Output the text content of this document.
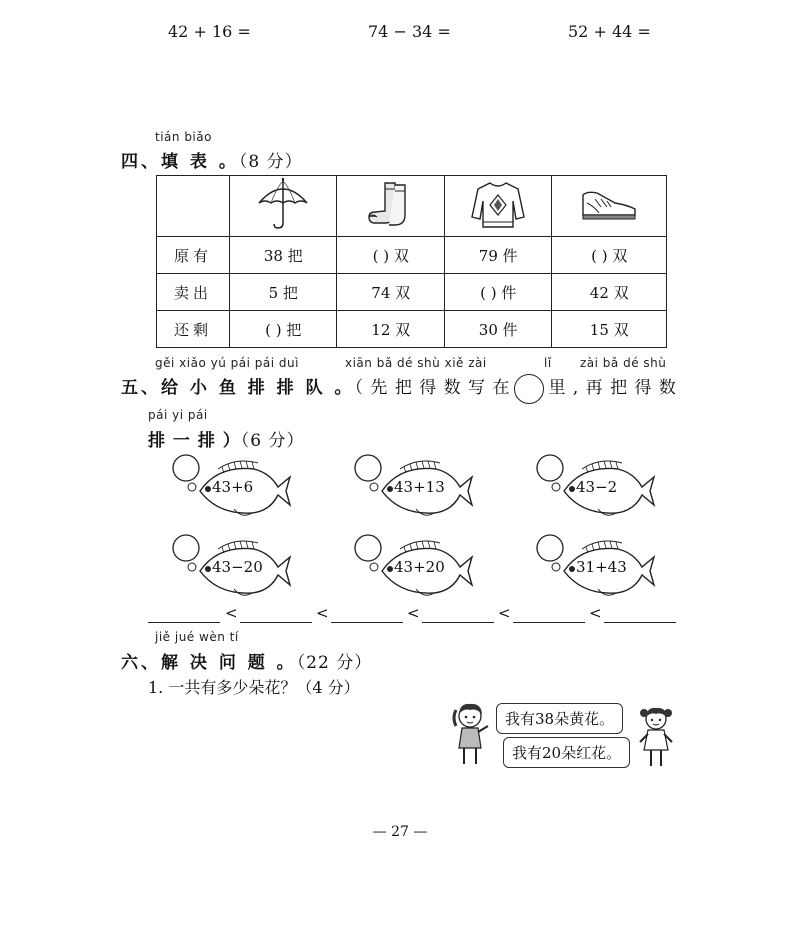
42 + 16 =	74 − 34 =	52 + 44 =
tián biǎo
四、填 表 。（8 分）

原有	38 把	( ) 双	79 件	( ) 双
卖出	5 把	74 双	( ) 件	42 双
还剩	( ) 把	12 双	30 件	15 双
gěi xiǎo yú pái pái duì	xiān bǎ dé shù xiě zài	lǐ zài bǎ dé shù
五、给 小 鱼 排 排 队 。（ 先 把 得 数 写 在 里 , 再 把 得 数
pái yi pái
排 一 排 ）（6 分）
43+6	43+13	43−2
43−20	43+20	31+43
<	<	<	<	<
jiě jué wèn tí
六、解 决 问 题 。（22 分）
1. 一共有多少朵花？（4 分）
我有38朵黄花。
我有20朵红花。
— 27 —
